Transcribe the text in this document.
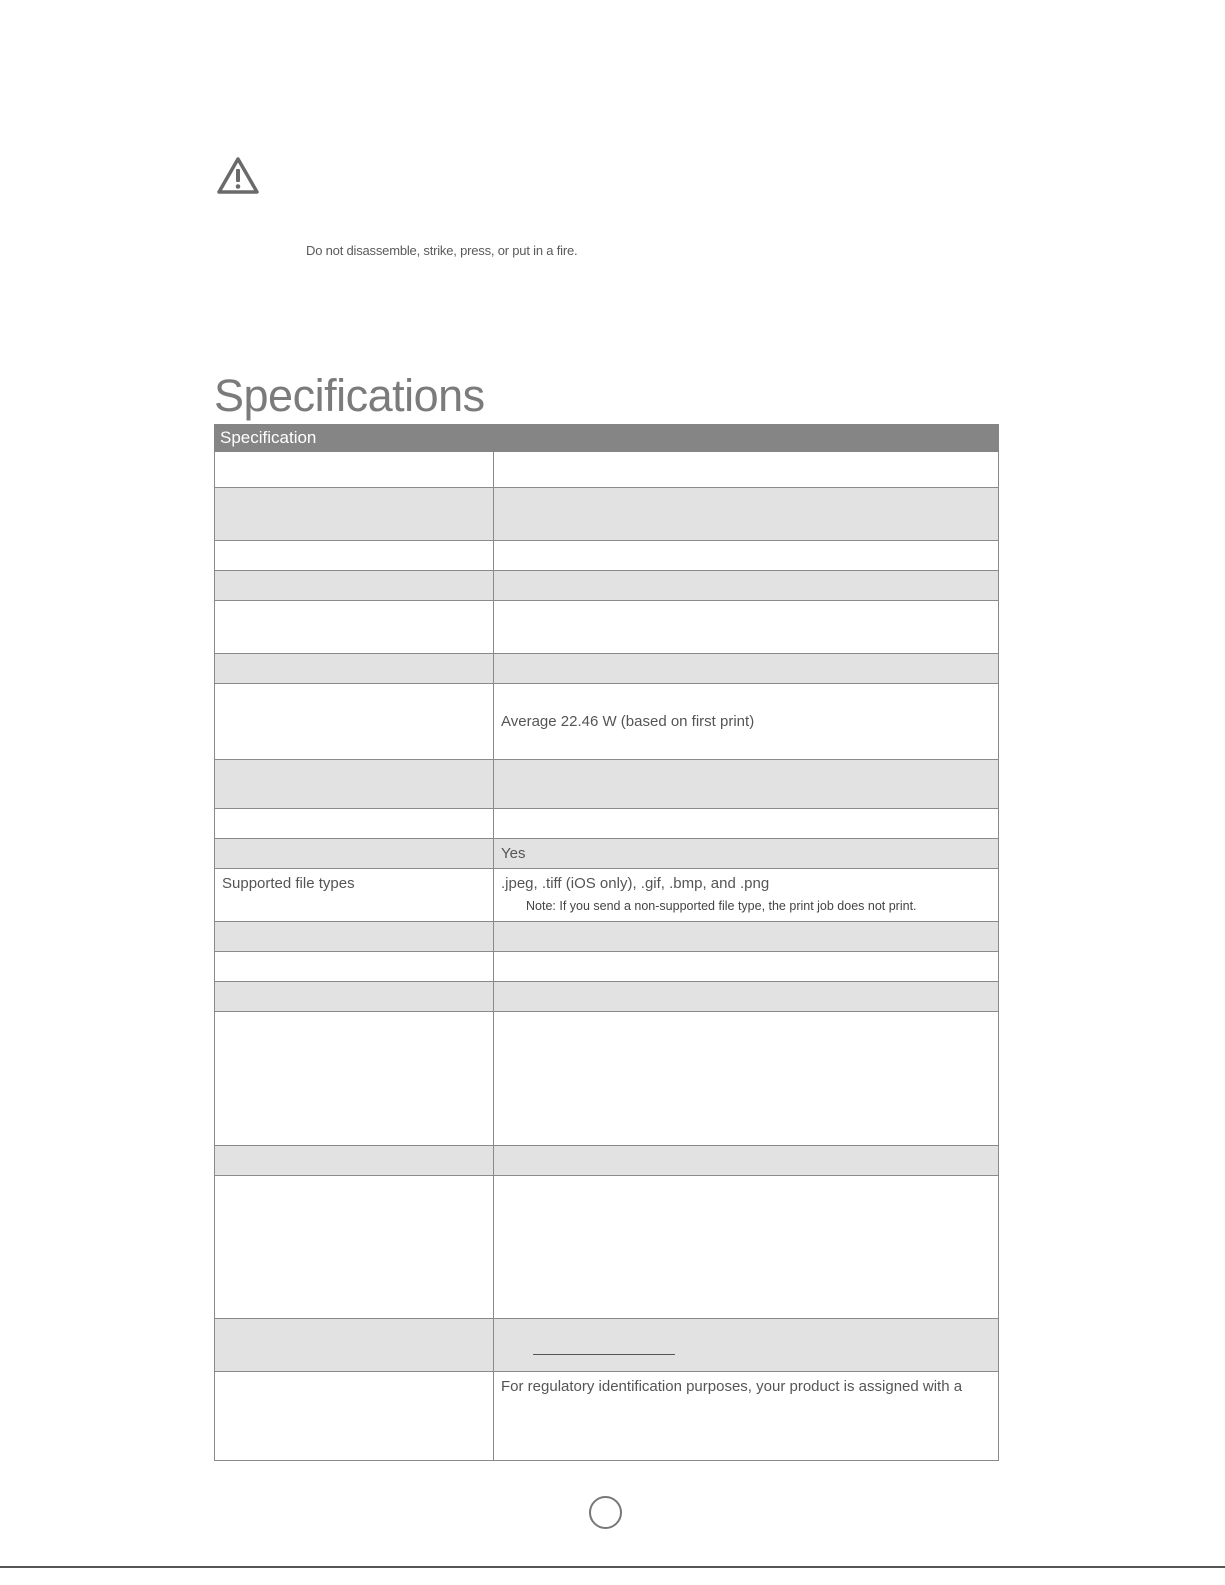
Do not disassemble, strike, press, or put in a fire.
Specifications
Specification	

	Average 22.46 W (based on first print)

	Yes
Supported file types	.jpeg, .tiff (iOS only), .gif, .bmp, and .png
Note: If you send a non-supported file type, the print job does not print.

	For regulatory identification purposes, your product is assigned with a
